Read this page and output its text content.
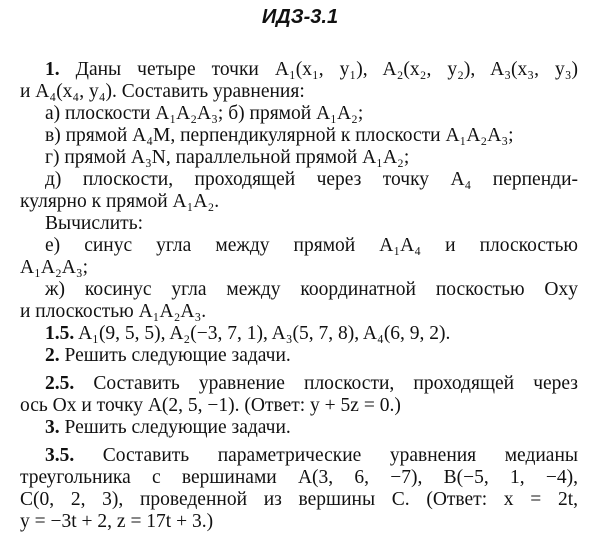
ИДЗ-3.1
1. Даны четыре точки A₁(x₁, y₁), A₂(x₂, y₂), A₃(x₃, y₃)
и A₄(x₄, y₄). Составить уравнения:
а) плоскости A₁A₂A₃; б) прямой A₁A₂;
в) прямой A₄M, перпендикулярной к плоскости A₁A₂A₃;
г) прямой A₃N, параллельной прямой A₁A₂;
д) плоскости, проходящей через точку A₄ перпенди-
кулярно к прямой A₁A₂.
Вычислить:
е) синус угла между прямой A₁A₄ и плоскостью
A₁A₂A₃;
ж) косинус угла между координатной поскостью Oxy
и плоскостью A₁A₂A₃.
1.5. A₁(9, 5, 5), A₂(−3, 7, 1), A₃(5, 7, 8), A₄(6, 9, 2).
2. Решить следующие задачи.
2.5. Составить уравнение плоскости, проходящей через
ось Ox и точку A(2, 5, −1). (Ответ: y + 5z = 0.)
3. Решить следующие задачи.
3.5. Составить параметрические уравнения медианы
треугольника с вершинами A(3, 6, −7), B(−5, 1, −4),
C(0, 2, 3), проведенной из вершины C. (Ответ: x = 2t,
y = −3t + 2, z = 17t + 3.)
